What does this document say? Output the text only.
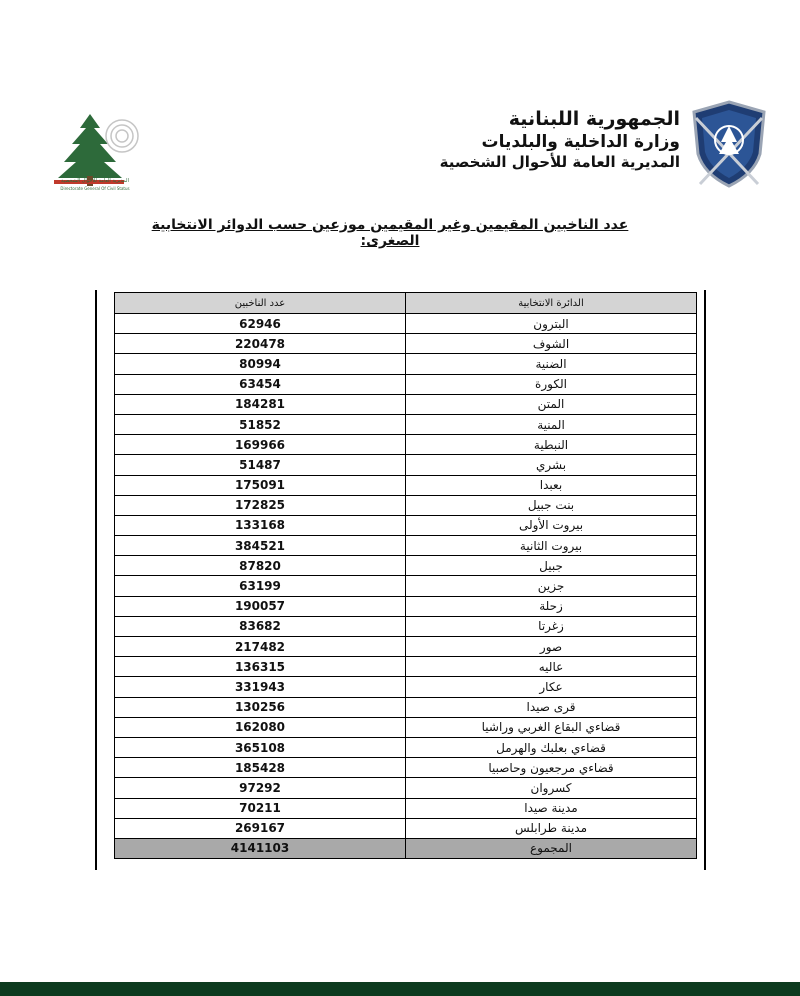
الجمهورية اللبنانية
وزارة الداخلية والبلديات
المديرية العامة للأحوال الشخصية
المديرية العامة للأحوال الشخصية
Directorate General Of Civil Status
عدد الناخبين المقيمين وغير المقيمين موزعين حسب الدوائر الانتخابية الصغرى:
الدائرة الانتخابية	عدد الناخبين
البترون	62946
الشوف	220478
الضنية	80994
الكورة	63454
المتن	184281
المنية	51852
النبطية	169966
بشري	51487
بعبدا	175091
بنت جبيل	172825
بيروت الأولى	133168
بيروت الثانية	384521
جبيل	87820
جزين	63199
زحلة	190057
زغرتا	83682
صور	217482
عاليه	136315
عكار	331943
قرى صيدا	130256
قضاءي البقاع الغربي وراشيا	162080
قضاءي بعلبك والهرمل	365108
قضاءي مرجعيون وحاصبيا	185428
كسروان	97292
مدينة صيدا	70211
مدينة طرابلس	269167
المجموع	4141103
